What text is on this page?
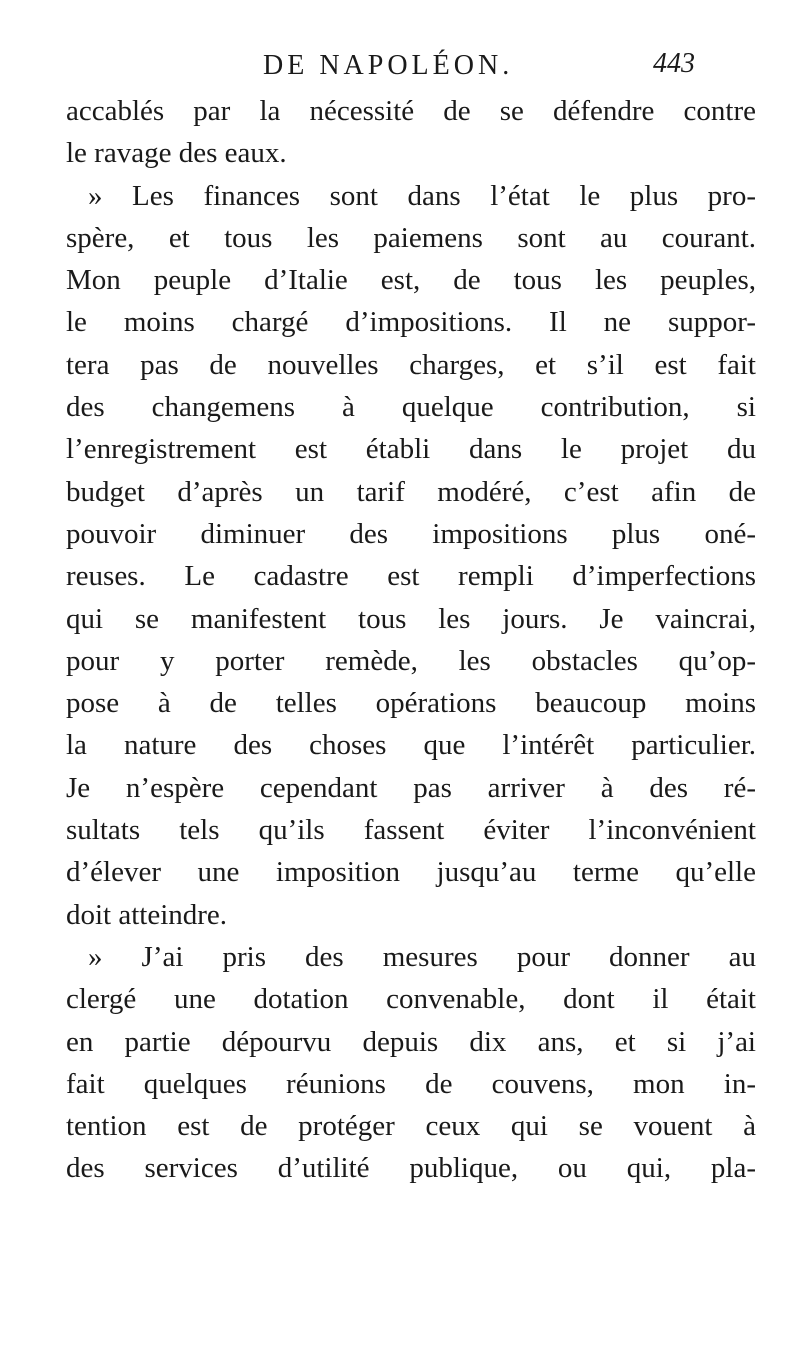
DE NAPOLÉON.	443
accablés par la nécessité de se défendre contre
le ravage des eaux.
» Les finances sont dans l’état le plus pro-
spère, et tous les paiemens sont au courant.
Mon peuple d’Italie est, de tous les peuples,
le moins chargé d’impositions. Il ne suppor-
tera pas de nouvelles charges, et s’il est fait
des changemens à quelque contribution, si
l’enregistrement est établi dans le projet du
budget d’après un tarif modéré, c’est afin de
pouvoir diminuer des impositions plus oné-
reuses. Le cadastre est rempli d’imperfections
qui se manifestent tous les jours. Je vaincrai,
pour y porter remède, les obstacles qu’op-
pose à de telles opérations beaucoup moins
la nature des choses que l’intérêt particulier.
Je n’espère cependant pas arriver à des ré-
sultats tels qu’ils fassent éviter l’inconvénient
d’élever une imposition jusqu’au terme qu’elle
doit atteindre.
» J’ai pris des mesures pour donner au
clergé une dotation convenable, dont il était
en partie dépourvu depuis dix ans, et si j’ai
fait quelques réunions de couvens, mon in-
tention est de protéger ceux qui se vouent à
des services d’utilité publique, ou qui, pla-
